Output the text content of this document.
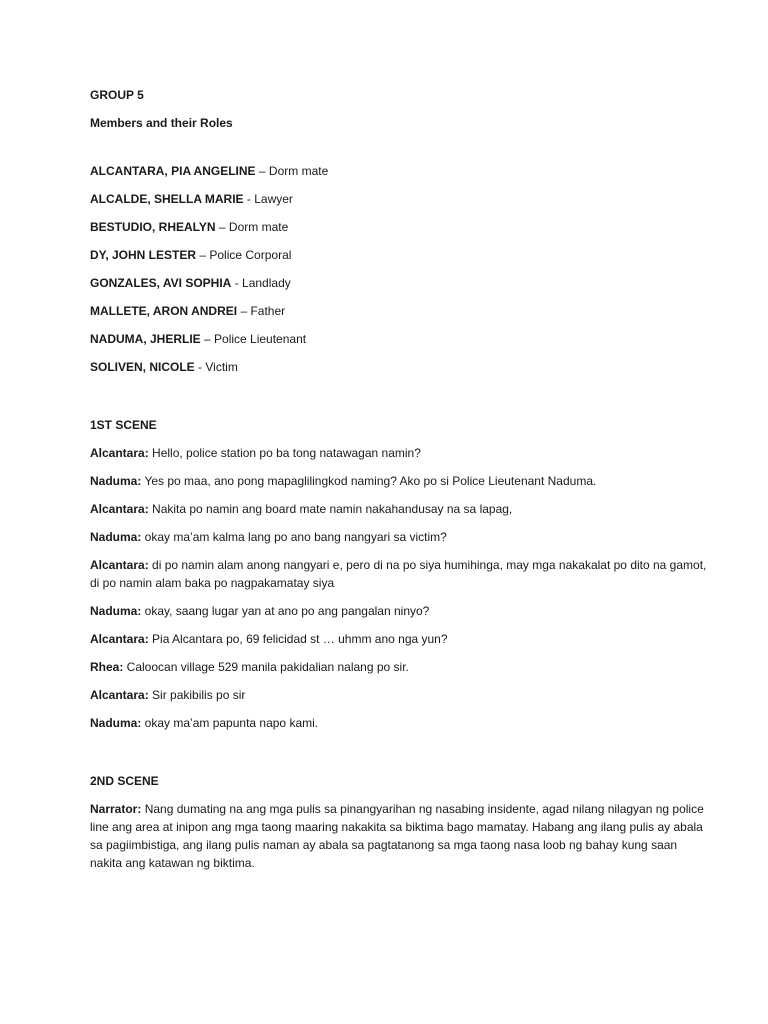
GROUP 5

Members and their Roles

ALCANTARA, PIA ANGELINE – Dorm mate

ALCALDE, SHELLA MARIE - Lawyer

BESTUDIO, RHEALYN – Dorm mate

DY, JOHN LESTER – Police Corporal

GONZALES, AVI SOPHIA - Landlady

MALLETE, ARON ANDREI – Father

NADUMA, JHERLIE – Police Lieutenant

SOLIVEN, NICOLE - Victim

1ST SCENE

Alcantara: Hello, police station po ba tong natawagan namin?

Naduma: Yes po maa, ano pong mapaglilingkod naming? Ako po si Police Lieutenant Naduma.

Alcantara: Nakita po namin ang board mate namin nakahandusay na sa lapag,

Naduma: okay ma’am kalma lang po ano bang nangyari sa victim?

Alcantara: di po namin alam anong nangyari e, pero di na po siya humihinga, may mga nakakalat po dito na gamot, di po namin alam baka po nagpakamatay siya

Naduma: okay, saang lugar yan at ano po ang pangalan ninyo?

Alcantara: Pia Alcantara po, 69 felicidad st … uhmm ano nga yun?

Rhea: Caloocan village 529 manila pakidalian nalang po sir.

Alcantara: Sir pakibilis po sir

Naduma: okay ma’am papunta napo kami.

2ND SCENE

Narrator: Nang dumating na ang mga pulis sa pinangyarihan ng nasabing insidente, agad nilang nilagyan ng police line ang area at inipon ang mga taong maaring nakakita sa biktima bago mamatay. Habang ang ilang pulis ay abala sa pagiimbistiga, ang ilang pulis naman ay abala sa pagtatanong sa mga taong nasa loob ng bahay kung saan nakita ang katawan ng biktima.
